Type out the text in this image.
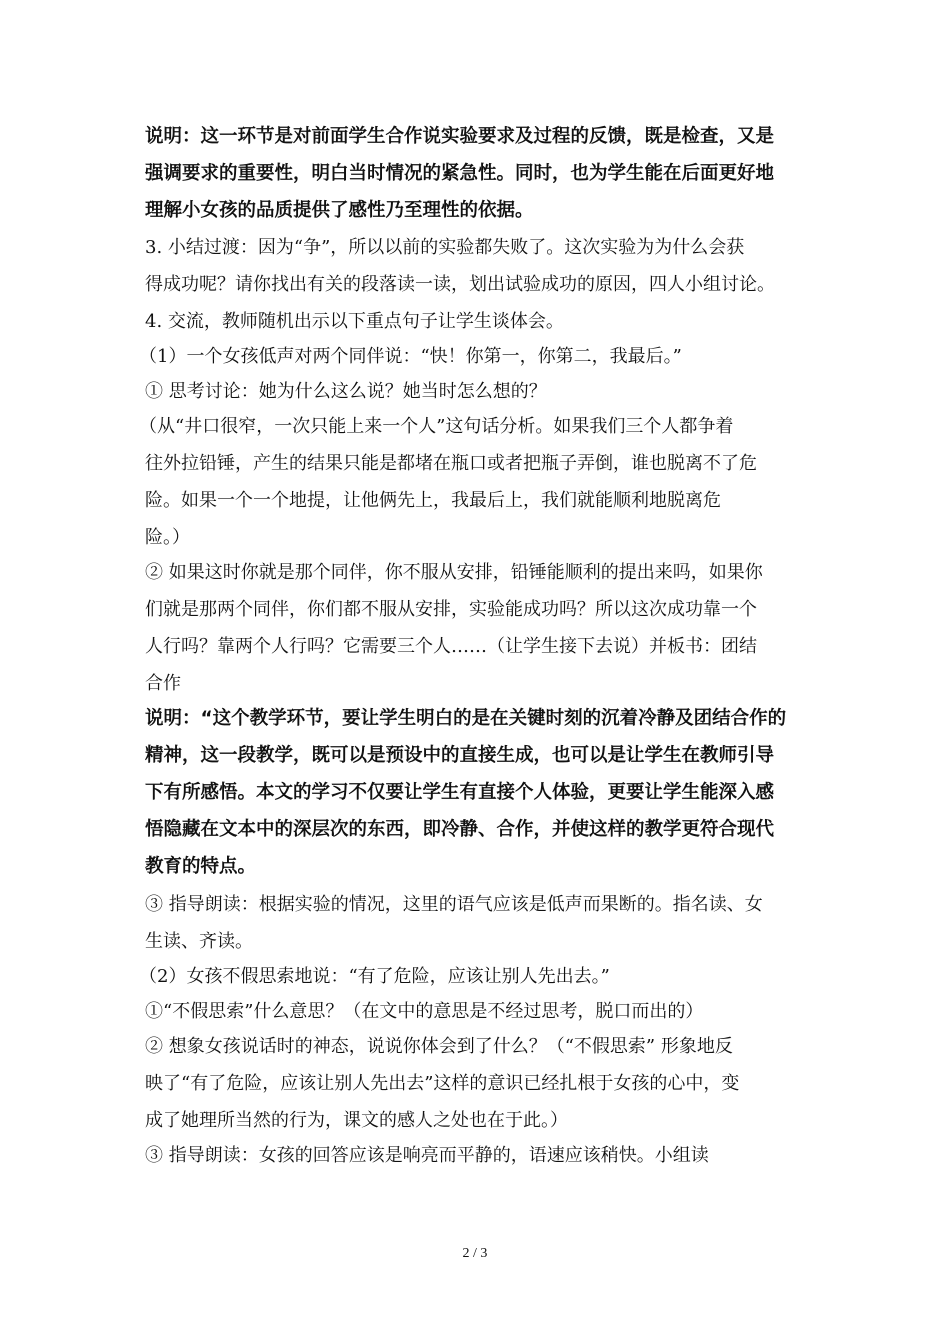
说明：这一环节是对前面学生合作说实验要求及过程的反馈，既是检查，又是
强调要求的重要性，明白当时情况的紧急性。同时，也为学生能在后面更好地
理解小女孩的品质提供了感性乃至理性的依据。
3. 小结过渡：因为“争”，所以以前的实验都失败了。这次实验为为什么会获
得成功呢？请你找出有关的段落读一读，划出试验成功的原因，四人小组讨论。
4. 交流，教师随机出示以下重点句子让学生谈体会。
（1）一个女孩低声对两个同伴说：“快！你第一，你第二，我最后。”
① 思考讨论：她为什么这么说？她当时怎么想的？
（从“井口很窄，一次只能上来一个人”这句话分析。如果我们三个人都争着
往外拉铅锤，产生的结果只能是都堵在瓶口或者把瓶子弄倒，谁也脱离不了危
险。如果一个一个地提，让他俩先上，我最后上，我们就能顺利地脱离危
险。）
② 如果这时你就是那个同伴，你不服从安排，铅锤能顺利的提出来吗，如果你
们就是那两个同伴，你们都不服从安排，实验能成功吗？所以这次成功靠一个
人行吗？靠两个人行吗？它需要三个人……（让学生接下去说）并板书：团结
合作
说明：“这个教学环节，要让学生明白的是在关键时刻的沉着冷静及团结合作的
精神，这一段教学，既可以是预设中的直接生成，也可以是让学生在教师引导
下有所感悟。本文的学习不仅要让学生有直接个人体验，更要让学生能深入感
悟隐藏在文本中的深层次的东西，即冷静、合作，并使这样的教学更符合现代
教育的特点。
③ 指导朗读：根据实验的情况，这里的语气应该是低声而果断的。指名读、女
生读、齐读。
（2）女孩不假思索地说：“有了危险，应该让别人先出去。”
①“不假思索”什么意思？（在文中的意思是不经过思考，脱口而出的）
② 想象女孩说话时的神态，说说你体会到了什么？（“不假思索” 形象地反
映了“有了危险，应该让别人先出去”这样的意识已经扎根于女孩的心中，变
成了她理所当然的行为，课文的感人之处也在于此。）
③ 指导朗读：女孩的回答应该是响亮而平静的，语速应该稍快。小组读
2 / 3
